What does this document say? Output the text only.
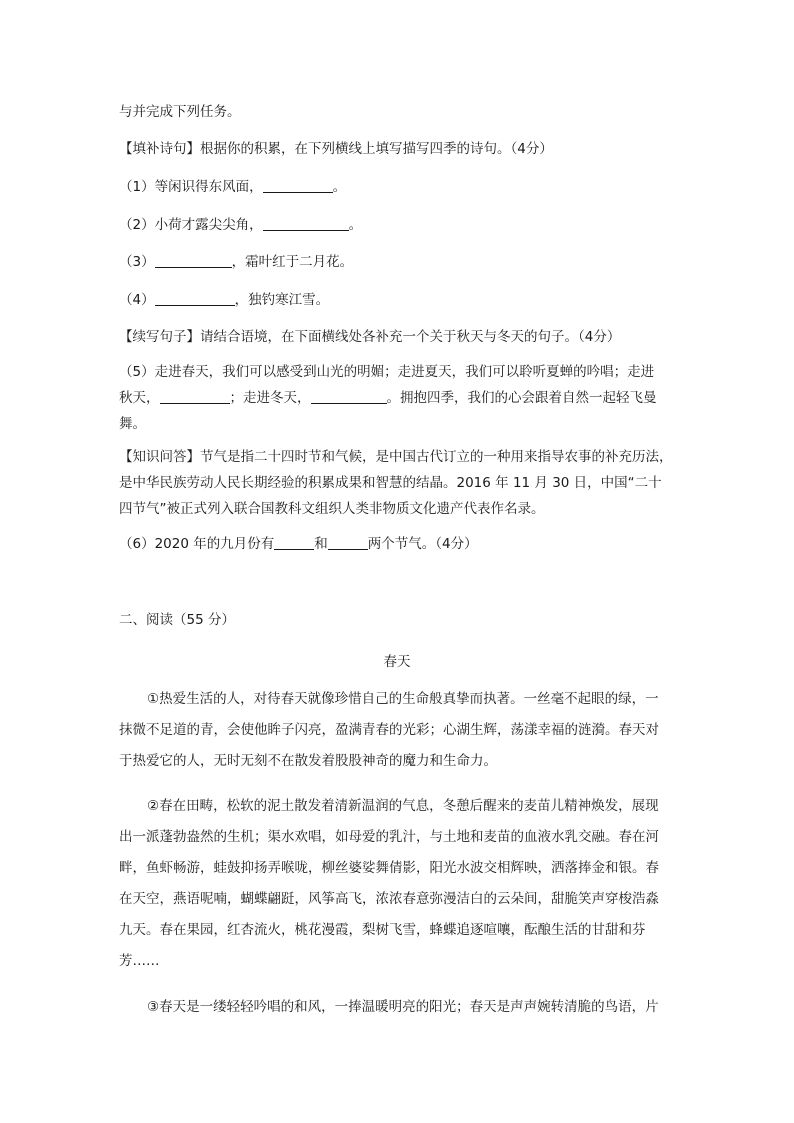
与并完成下列任务。
【填补诗句】根据你的积累，在下列横线上填写描写四季的诗句。（4分）
（1）等闲识得东风面，	。
（2）小荷才露尖尖角，	。
（3）	，霜叶红于二月花。
（4）	，独钓寒江雪。
【续写句子】请结合语境，在下面横线处各补充一个关于秋天与冬天的句子。（4分）
（5）走进春天，我们可以感受到山光的明媚；走进夏天，我们可以聆听夏蝉的吟唱；走进
秋天，	；走进冬天，	。拥抱四季，我们的心会跟着自然一起轻飞曼
舞。
【知识问答】节气是指二十四时节和气候，是中国古代订立的一种用来指导农事的补充历法，
是中华民族劳动人民长期经验的积累成果和智慧的结晶。2016 年 11 月 30 日，中国“二十
四节气”被正式列入联合国教科文组织人类非物质文化遗产代表作名录。
（6）2020 年的九月份有	和	两个节气。（4分）
二、阅读（55 分）
春天
①热爱生活的人，对待春天就像珍惜自己的生命般真挚而执著。一丝毫不起眼的绿，一
抹微不足道的青，会使他眸子闪亮，盈满青春的光彩；心湖生辉，荡漾幸福的涟漪。春天对
于热爱它的人，无时无刻不在散发着股股神奇的魔力和生命力。
②春在田畴，松软的泥土散发着清新温润的气息，冬憩后醒来的麦苗儿精神焕发，展现
出一派蓬勃盎然的生机；渠水欢唱，如母爱的乳汁，与土地和麦苗的血液水乳交融。春在河
畔，鱼虾畅游，蛙鼓抑扬弄喉咙，柳丝婆娑舞倩影，阳光水波交相辉映，洒落捧金和银。春
在天空，燕语呢喃，蝴蝶翩跹，风筝高飞，浓浓春意弥漫洁白的云朵间，甜脆笑声穿梭浩淼
九天。春在果园，红杏流火，桃花漫霞，梨树飞雪，蜂蝶追逐喧嚷，酝酿生活的甘甜和芬
芳……
③春天是一缕轻轻吟唱的和风，一捧温暖明亮的阳光；春天是声声婉转清脆的鸟语，片
